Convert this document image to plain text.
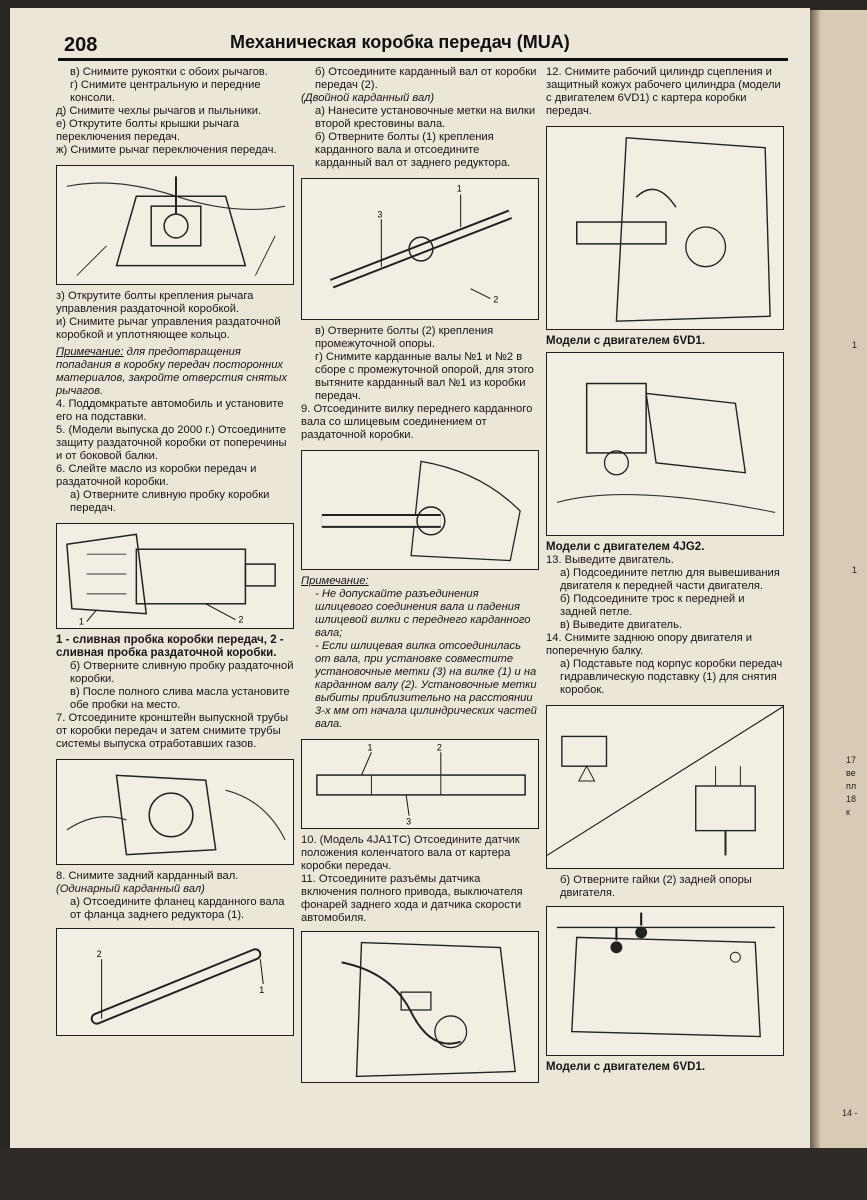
208	Механическая коробка передач (MUA)

в) Снимите рукоятки с обоих рычагов.

г) Снимите центральную и передние консоли.

д) Снимите чехлы рычагов и пыльники.

е) Открутите болты крышки рычага переключения передач.

ж) Снимите рычаг переключения передач.

з) Открутите болты крепления рычага управления раздаточной коробкой.

и) Снимите рычаг управления раздаточной коробкой и уплотняющее кольцо.

Примечание: для предотвращения попадания в коробку передач посторонних материалов, закройте отверстия снятых рычагов.

4. Поддомкратьте автомобиль и установите его на подставки.

5. (Модели выпуска до 2000 г.) Отсоедините защиту раздаточной коробки от поперечины и от боковой балки.

6. Слейте масло из коробки передач и раздаточной коробки.

а) Отверните сливную пробку коробки передач.

2
1

1 - сливная пробка коробки передач, 2 - сливная пробка раздаточной коробки.

б) Отверните сливную пробку раздаточной коробки.

в) После полного слива масла установите обе пробки на место.

7. Отсоедините кронштейн выпускной трубы от коробки передач и затем снимите трубы системы выпуска отработавших газов.

8. Снимите задний карданный вал.

(Одинарный карданный вал)

а) Отсоедините фланец карданного вала от фланца заднего редуктора (1).

2
1

б) Отсоедините карданный вал от коробки передач (2).

(Двойной карданный вал)

а) Нанесите установочные метки на вилки второй крестовины вала.

б) Отверните болты (1) крепления карданного вала и отсоедините карданный вал от заднего редуктора.

1
3
2

в) Отверните болты (2) крепления промежуточной опоры.

г) Снимите карданные валы №1 и №2 в сборе с промежуточной опорой, для этого вытяните карданный вал №1 из коробки передач.

9. Отсоедините вилку переднего карданного вала со шлицевым соединением от раздаточной коробки.

Примечание:

- Не допускайте разъединения шлицевого соединения вала и падения шлицевой вилки с переднего карданного вала;

- Если шлицевая вилка отсоединилась от вала, при установке совместите установочные метки (3) на вилке (1) и на карданном валу (2). Установочные метки выбиты приблизительно на расстоянии 3-х мм от начала цилиндрических частей вала.

1	2
3

10. (Модель 4JA1TC) Отсоедините датчик положения коленчатого вала от картера коробки передач.

11. Отсоедините разъёмы датчика включения полного привода, выключателя фонарей заднего хода и датчика скорости автомобиля.

12. Снимите рабочий цилиндр сцепления и защитный кожух рабочего цилиндра (модели с двигателем 6VD1) с картера коробки передач.

Модели с двигателем 6VD1.

Модели с двигателем 4JG2.

13. Выведите двигатель.

а) Подсоедините петлю для вывешивания двигателя к передней части двигателя.

б) Подсоедините трос к передней и задней петле.

в) Выведите двигатель.

14. Снимите заднюю опору двигателя и поперечную балку.

а) Подставьте под корпус коробки передач гидравлическую подставку (1) для снятия коробок.

б) Отверните гайки (2) задней опоры двигателя.

Модели с двигателем 6VD1.

1
1
17
ве
пл
18
к
14 -
